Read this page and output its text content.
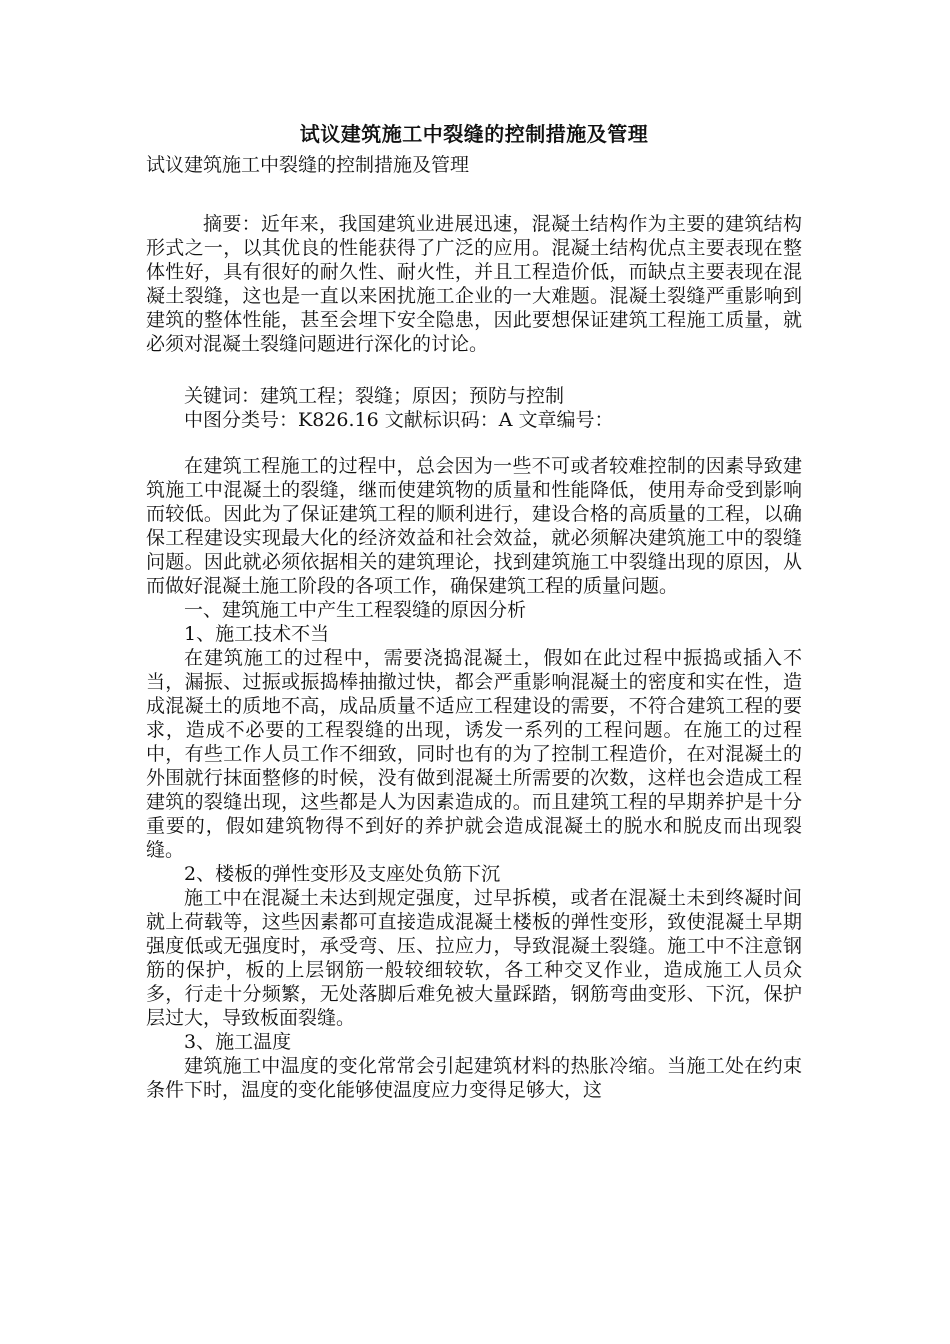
试议建筑施工中裂缝的控制措施及管理

试议建筑施工中裂缝的控制措施及管理

摘要：近年来，我国建筑业进展迅速，混凝土结构作为主要的建筑结构形式之一，以其优良的性能获得了广泛的应用。混凝土结构优点主要表现在整体性好，具有很好的耐久性、耐火性，并且工程造价低，而缺点主要表现在混凝土裂缝，这也是一直以来困扰施工企业的一大难题。混凝土裂缝严重影响到建筑的整体性能，甚至会埋下安全隐患，因此要想保证建筑工程施工质量，就必须对混凝土裂缝问题进行深化的讨论。

关键词：建筑工程；裂缝；原因；预防与控制

中图分类号：K826.16 文献标识码：A 文章编号：

在建筑工程施工的过程中，总会因为一些不可或者较难控制的因素导致建筑施工中混凝土的裂缝，继而使建筑物的质量和性能降低，使用寿命受到影响而较低。因此为了保证建筑工程的顺利进行，建设合格的高质量的工程，以确保工程建设实现最大化的经济效益和社会效益，就必须解决建筑施工中的裂缝问题。因此就必须依据相关的建筑理论，找到建筑施工中裂缝出现的原因，从而做好混凝土施工阶段的各项工作，确保建筑工程的质量问题。

一、建筑施工中产生工程裂缝的原因分析

1、施工技术不当

在建筑施工的过程中，需要浇捣混凝土，假如在此过程中振捣或插入不当，漏振、过振或振捣棒抽撤过快，都会严重影响混凝土的密度和实在性，造成混凝土的质地不高，成品质量不适应工程建设的需要，不符合建筑工程的要求，造成不必要的工程裂缝的出现，诱发一系列的工程问题。在施工的过程中，有些工作人员工作不细致，同时也有的为了控制工程造价，在对混凝土的外围就行抹面整修的时候，没有做到混凝土所需要的次数，这样也会造成工程建筑的裂缝出现，这些都是人为因素造成的。而且建筑工程的早期养护是十分重要的，假如建筑物得不到好的养护就会造成混凝土的脱水和脱皮而出现裂缝。

2、楼板的弹性变形及支座处负筋下沉

施工中在混凝土未达到规定强度，过早拆模，或者在混凝土未到终凝时间就上荷载等，这些因素都可直接造成混凝土楼板的弹性变形，致使混凝土早期强度低或无强度时，承受弯、压、拉应力，导致混凝土裂缝。施工中不注意钢筋的保护，板的上层钢筋一般较细较软，各工种交叉作业，造成施工人员众多，行走十分频繁，无处落脚后难免被大量踩踏，钢筋弯曲变形、下沉，保护层过大，导致板面裂缝。

3、施工温度

建筑施工中温度的变化常常会引起建筑材料的热胀冷缩。当施工处在约束条件下时，温度的变化能够使温度应力变得足够大，这
